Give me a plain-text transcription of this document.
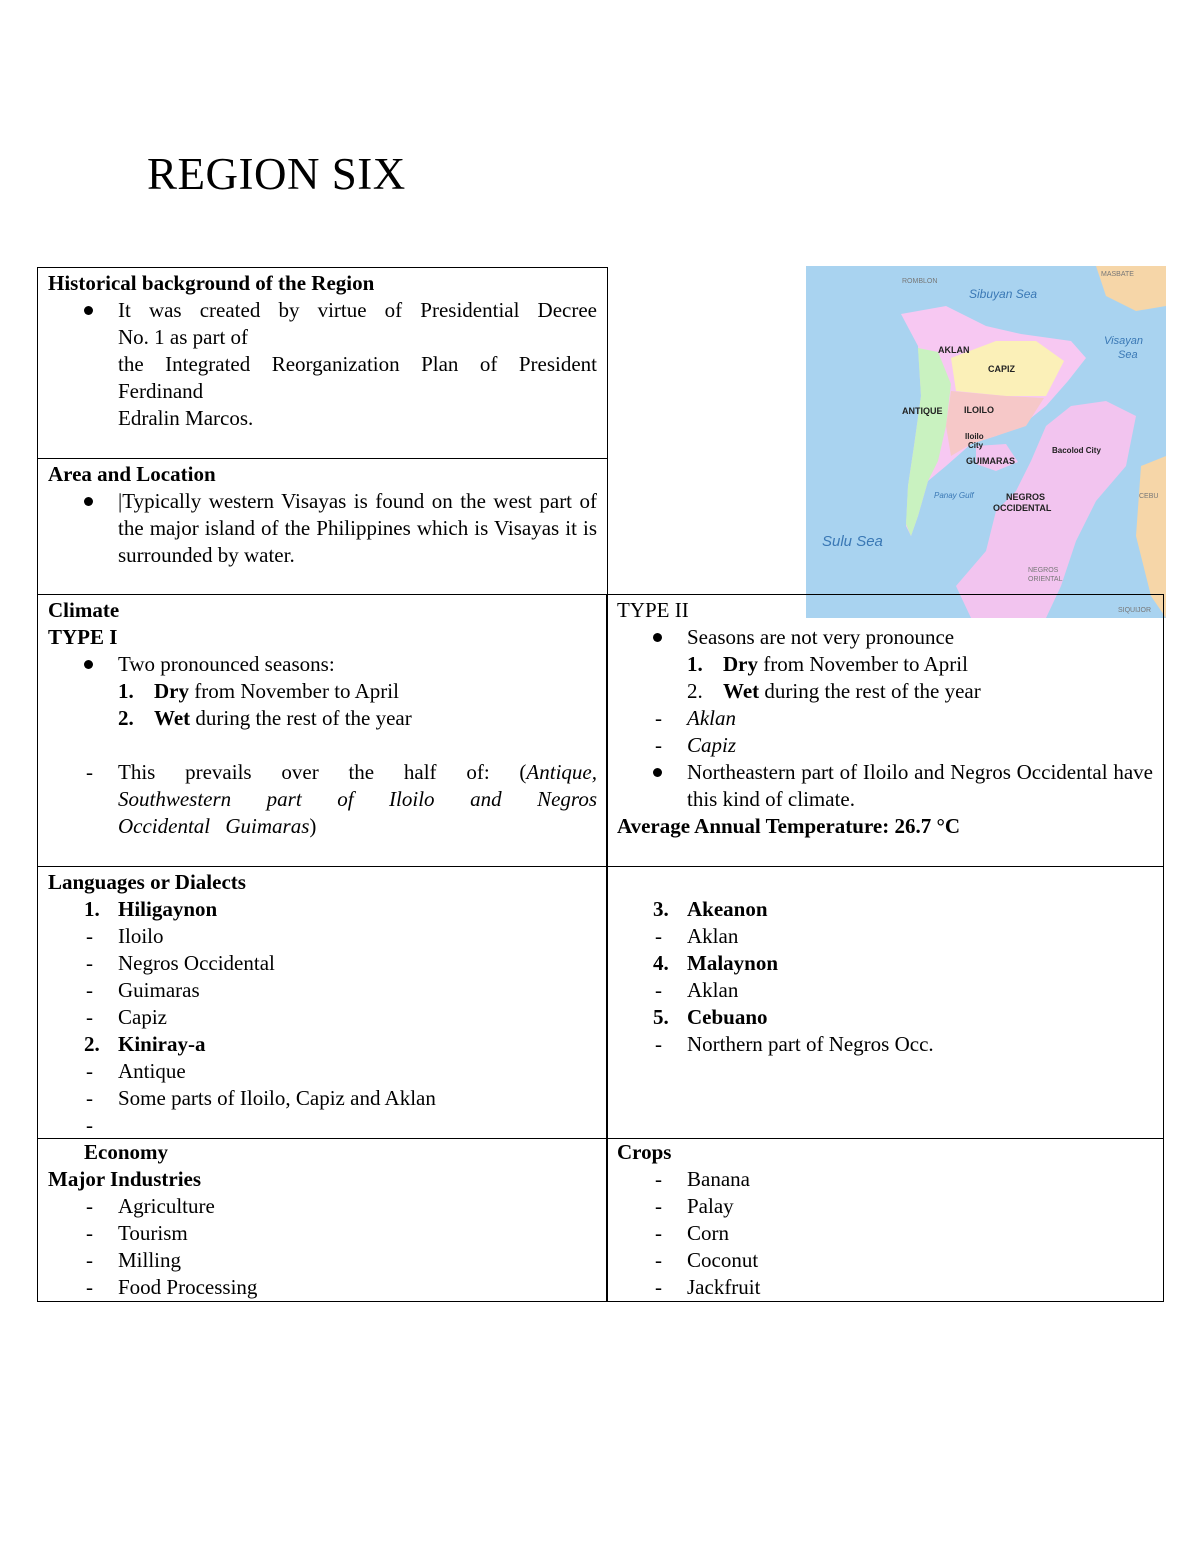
REGION SIX
Historical background of the Region
It was created by virtue of Presidential Decree
No. 1 as part of
the Integrated Reorganization Plan of President
Ferdinand
Edralin Marcos.
Area and Location
|Typically western Visayas is found on the west part of the major island of the Philippines which is Visayas it is surrounded by water.
AKLAN
CAPIZ
ANTIQUE ILOILO
Iloilo
City
GUIMARAS
Bacolod City
NEGROS
OCCIDENTAL
Sibuyan Sea
Visayan
Sea
Sulu Sea
Panay Gulf
ROMBLON
MASBATE
CEBU
NEGROS
ORIENTAL
SIQUIJOR
Climate
TYPE I
Two pronounced seasons:
1. Dry from November to April
2. Wet during the rest of the year
- This prevails over the half of: (Antique, Southwestern part of Iloilo and Negros Occidental Guimaras)
TYPE II
Seasons are not very pronounce
1. Dry from November to April
2. Wet during the rest of the year
- Aklan
- Capiz
Northeastern part of Iloilo and Negros Occidental have this kind of climate.
Average Annual Temperature: 26.7 °C
Languages or Dialects
1. Hiligaynon
- Iloilo
- Negros Occidental
- Guimaras
- Capiz
2. Kiniray-a
- Antique
- Some parts of Iloilo, Capiz and Aklan
-
3. Akeanon
- Aklan
4. Malaynon
- Aklan
5. Cebuano
- Northern part of Negros Occ.
Economy
Major Industries
- Agriculture
- Tourism
- Milling
- Food Processing
Crops
- Banana
- Palay
- Corn
- Coconut
- Jackfruit
